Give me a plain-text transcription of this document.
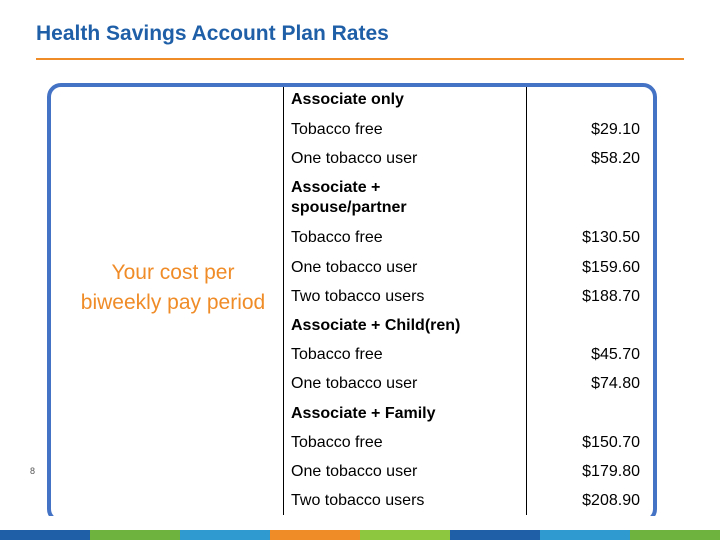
Health Savings Account Plan Rates
Your cost per biweekly pay period
Associate only
Tobacco free	$29.10
One tobacco user	$58.20
Associate + spouse/partner
Tobacco free	$130.50
One tobacco user	$159.60
Two tobacco users	$188.70
Associate + Child(ren)
Tobacco free	$45.70
One tobacco user	$74.80
Associate + Family
Tobacco free	$150.70
One tobacco user	$179.80
Two tobacco users	$208.90
8
